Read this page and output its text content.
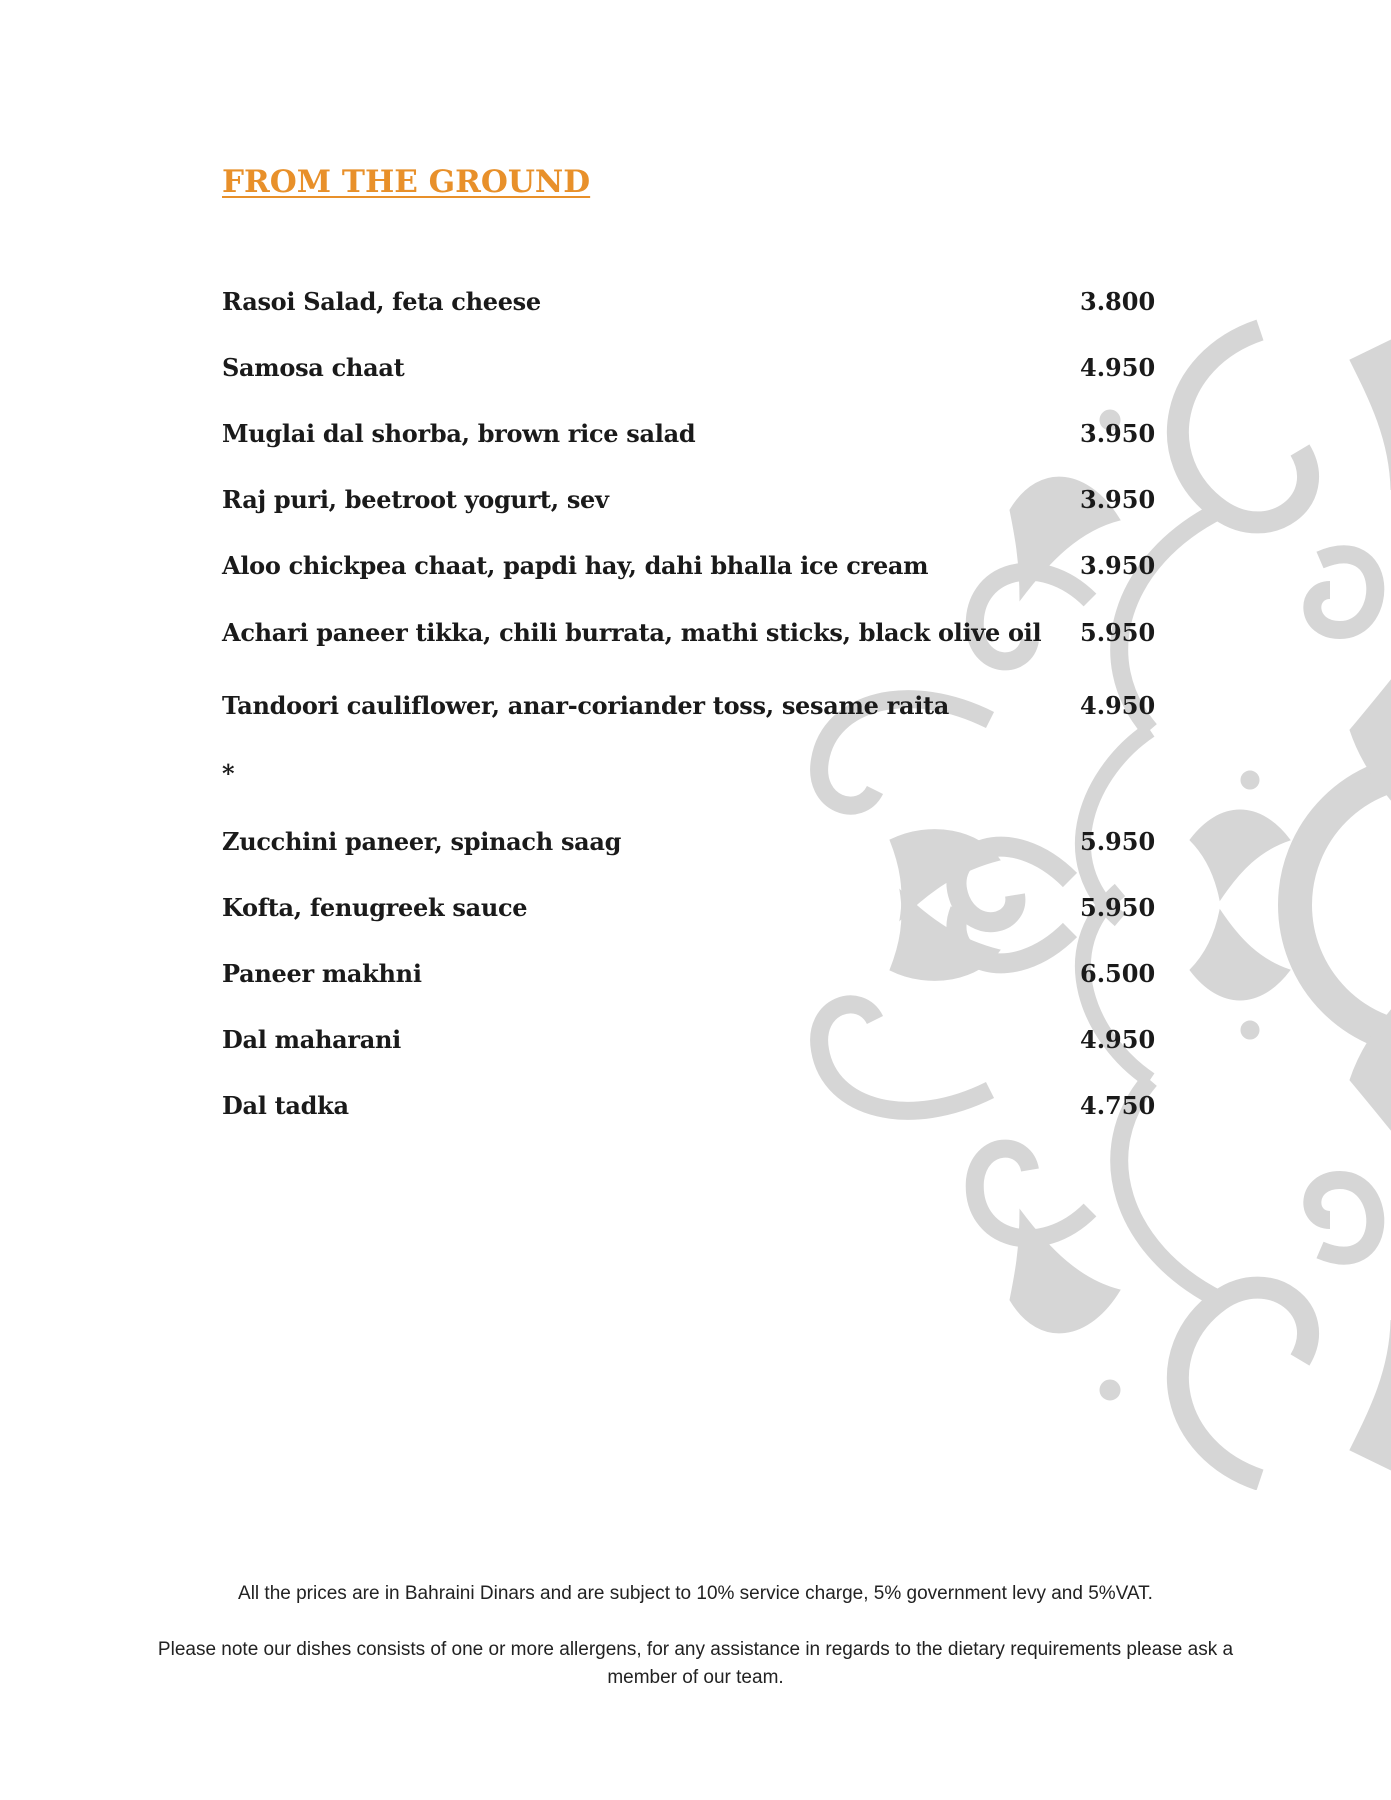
FROM THE GROUND
Rasoi Salad, feta cheese	3.800
Samosa chaat	4.950
Muglai dal shorba, brown rice salad	3.950
Raj puri, beetroot yogurt, sev	3.950
Aloo chickpea chaat, papdi hay, dahi bhalla ice cream	3.950
Achari paneer tikka, chili burrata, mathi sticks, black olive oil 5.950
Tandoori cauliflower, anar-coriander toss, sesame raita	4.950
Zucchini paneer, spinach saag	5.950
Kofta, fenugreek sauce	5.950
Paneer makhni	6.500
Dal maharani	4.950
Dal tadka	4.750
*

All the prices are in Bahraini Dinars and are subject to 10% service charge, 5% government levy and 5%VAT.

Please note our dishes consists of one or more allergens, for any assistance in regards to the dietary requirements please ask a member of our team.
